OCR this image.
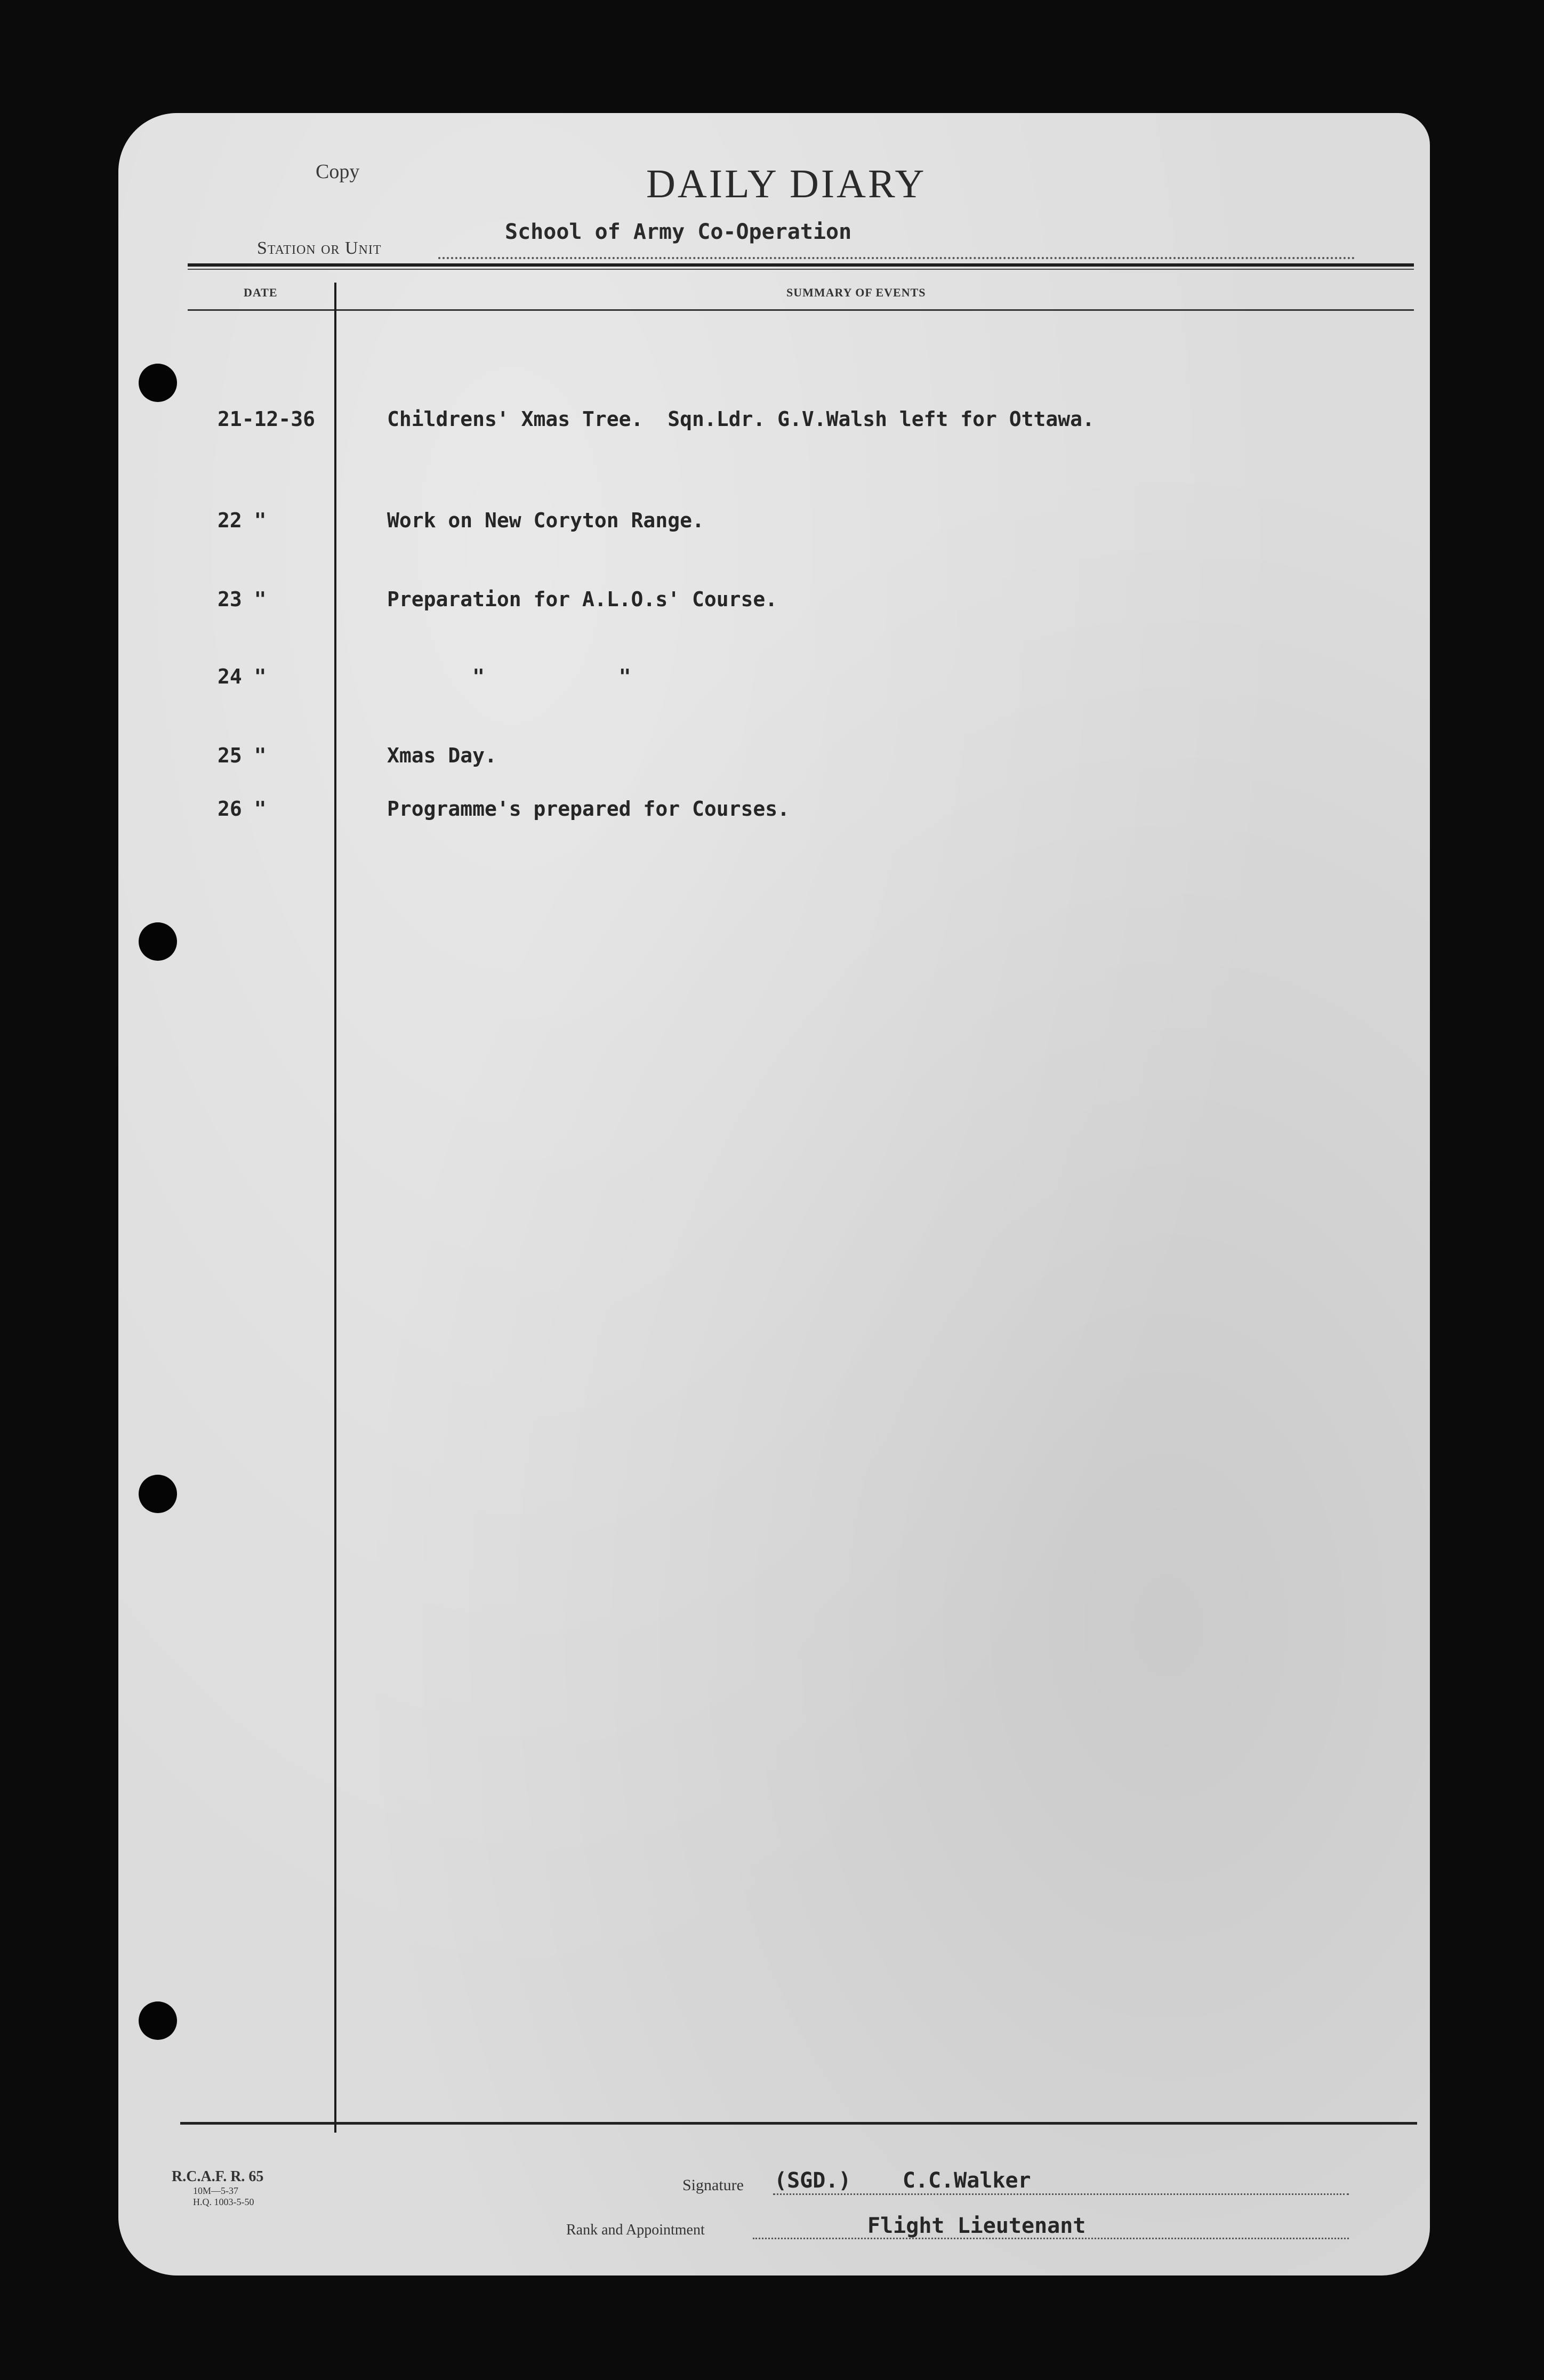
Copy	DAILY DIARY
Station or Unit
School of Army Co-Operation
DATE	SUMMARY OF EVENTS
21-12-36	Childrens' Xmas Tree.  Sqn.Ldr. G.V.Walsh left for Ottawa.
22 "	Work on New Coryton Range.
23 "	Preparation for A.L.O.s' Course.
24 "	"           "
25 "	Xmas Day.
26 "	Programme's prepared for Courses.
R.C.A.F. R. 65
10M—5-37
H.Q. 1003-5-50
Signature (SGD.)    C.C.Walker
Rank and Appointment	Flight Lieutenant
